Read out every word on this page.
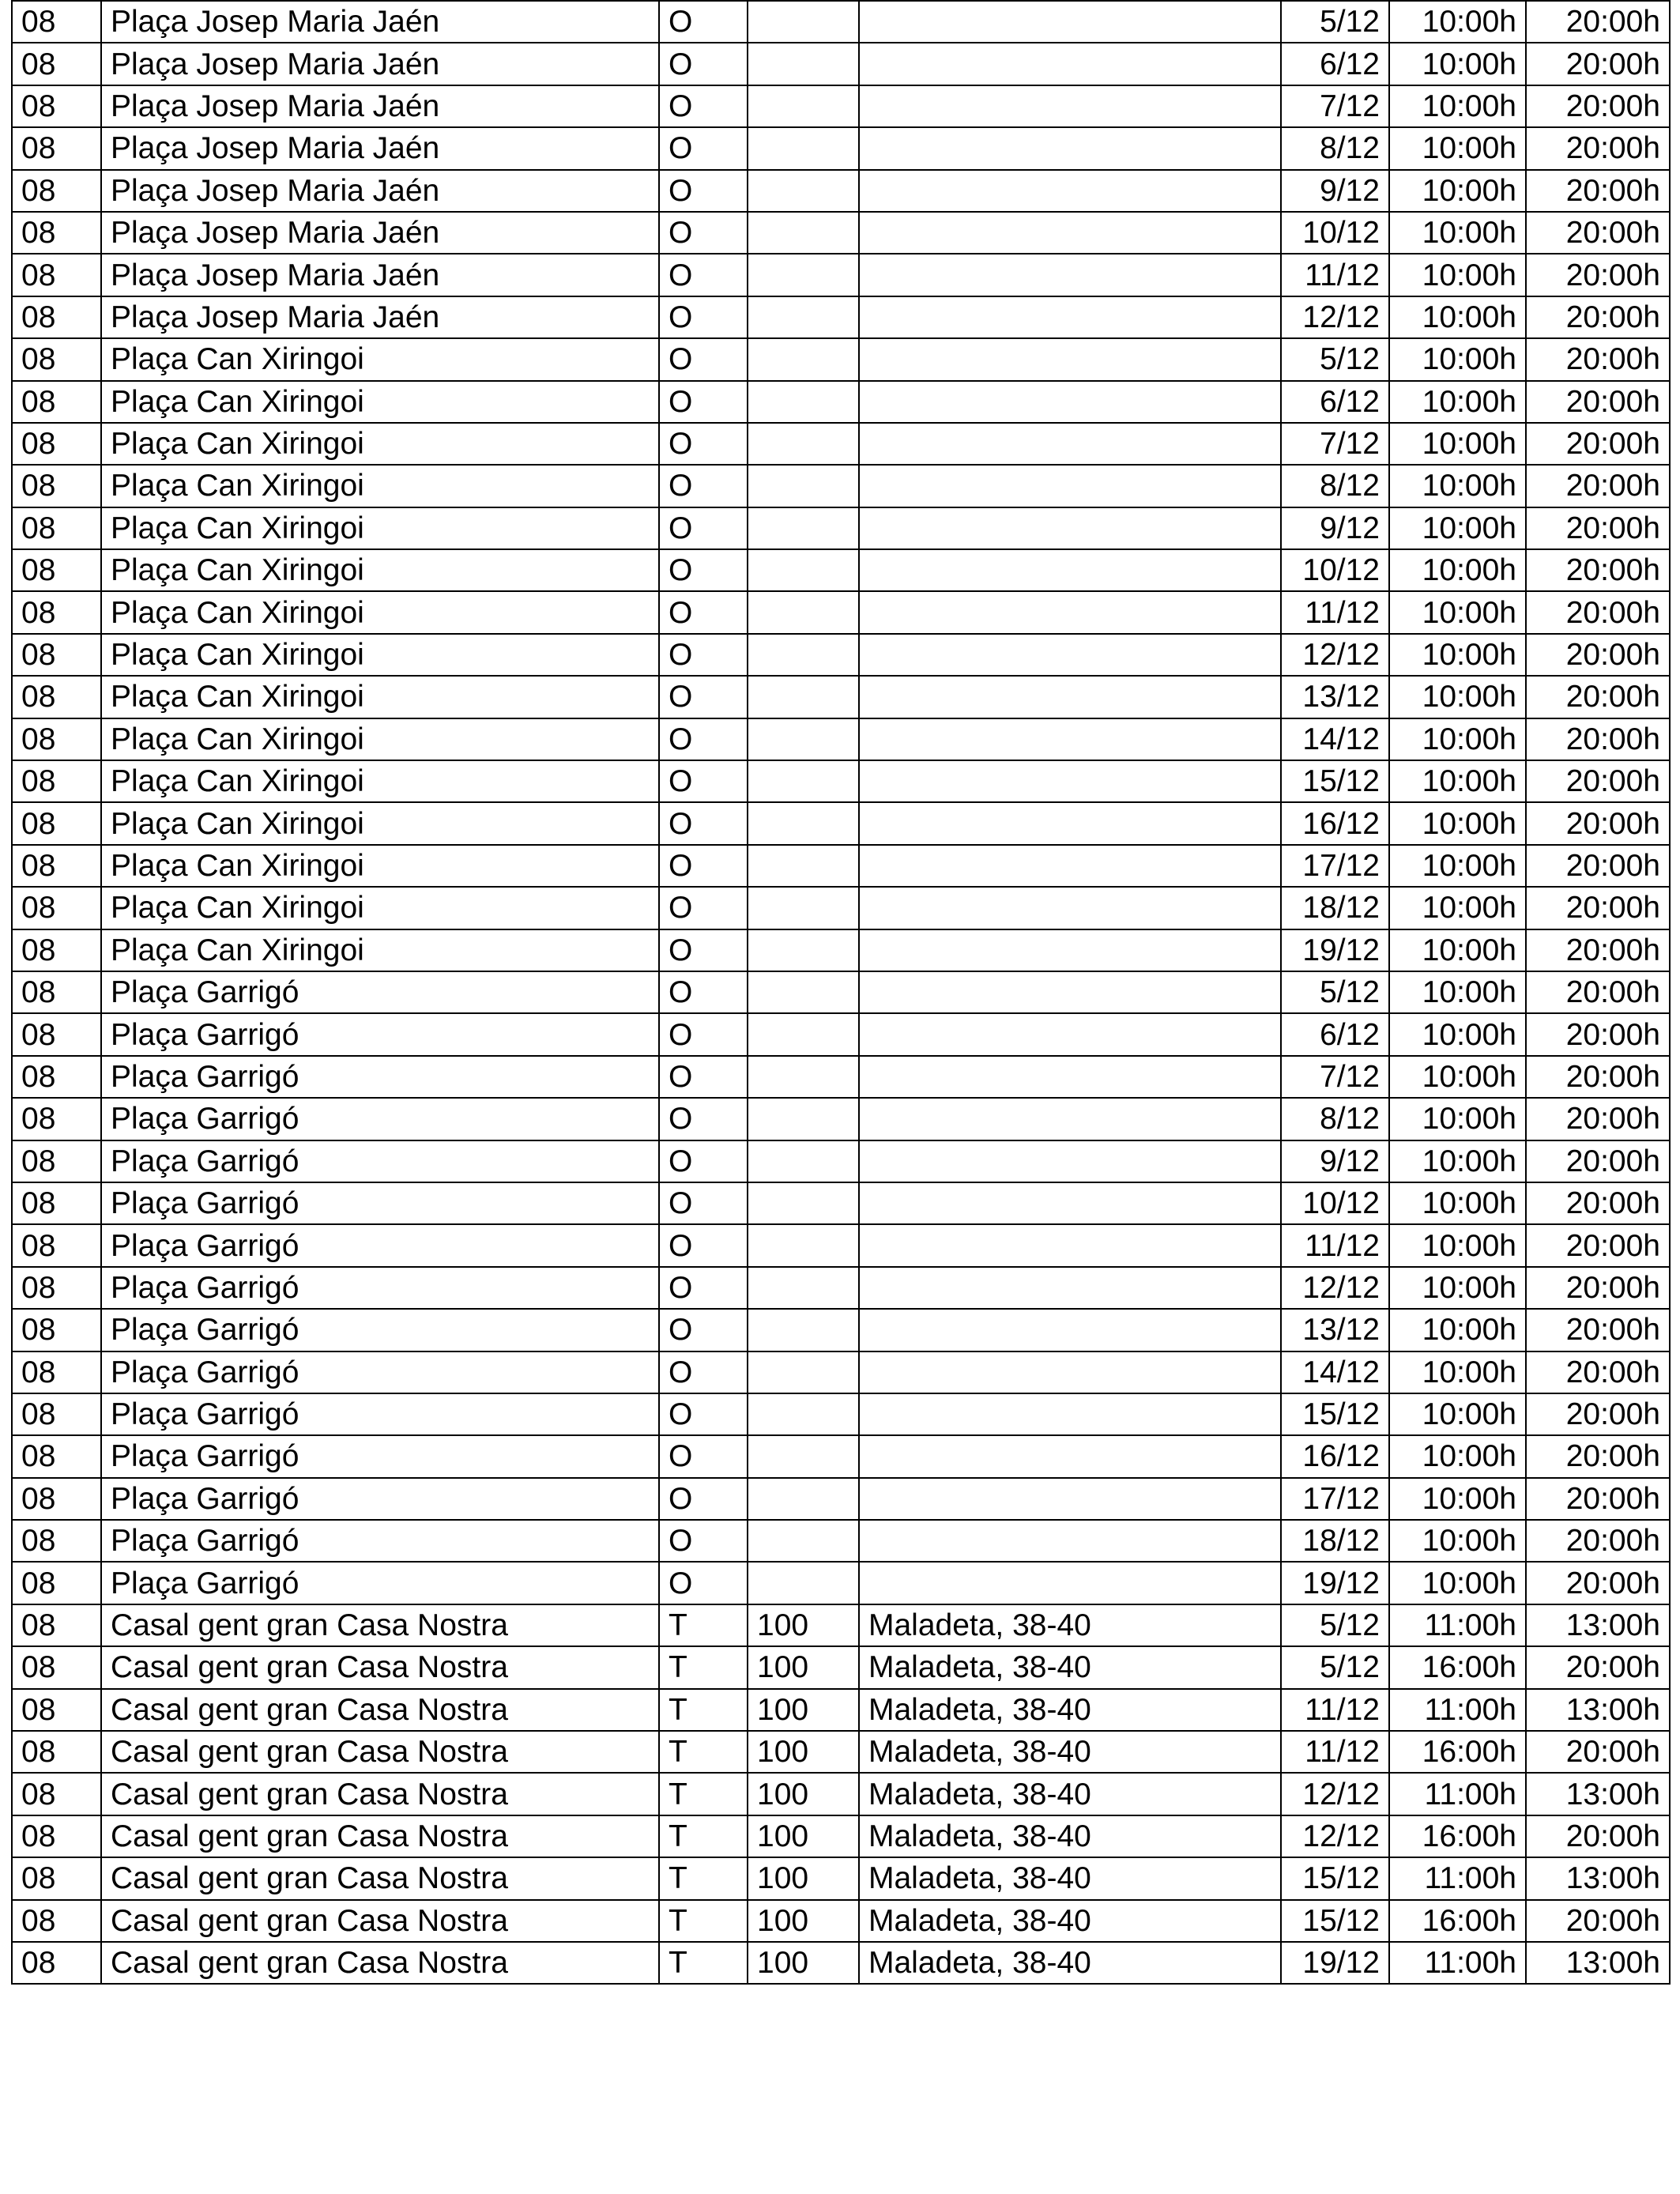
08	Plaça Josep Maria Jaén	O			5/12	10:00h	20:00h
08	Plaça Josep Maria Jaén	O			6/12	10:00h	20:00h
08	Plaça Josep Maria Jaén	O			7/12	10:00h	20:00h
08	Plaça Josep Maria Jaén	O			8/12	10:00h	20:00h
08	Plaça Josep Maria Jaén	O			9/12	10:00h	20:00h
08	Plaça Josep Maria Jaén	O			10/12	10:00h	20:00h
08	Plaça Josep Maria Jaén	O			11/12	10:00h	20:00h
08	Plaça Josep Maria Jaén	O			12/12	10:00h	20:00h
08	Plaça Can Xiringoi	O			5/12	10:00h	20:00h
08	Plaça Can Xiringoi	O			6/12	10:00h	20:00h
08	Plaça Can Xiringoi	O			7/12	10:00h	20:00h
08	Plaça Can Xiringoi	O			8/12	10:00h	20:00h
08	Plaça Can Xiringoi	O			9/12	10:00h	20:00h
08	Plaça Can Xiringoi	O			10/12	10:00h	20:00h
08	Plaça Can Xiringoi	O			11/12	10:00h	20:00h
08	Plaça Can Xiringoi	O			12/12	10:00h	20:00h
08	Plaça Can Xiringoi	O			13/12	10:00h	20:00h
08	Plaça Can Xiringoi	O			14/12	10:00h	20:00h
08	Plaça Can Xiringoi	O			15/12	10:00h	20:00h
08	Plaça Can Xiringoi	O			16/12	10:00h	20:00h
08	Plaça Can Xiringoi	O			17/12	10:00h	20:00h
08	Plaça Can Xiringoi	O			18/12	10:00h	20:00h
08	Plaça Can Xiringoi	O			19/12	10:00h	20:00h
08	Plaça Garrigó	O			5/12	10:00h	20:00h
08	Plaça Garrigó	O			6/12	10:00h	20:00h
08	Plaça Garrigó	O			7/12	10:00h	20:00h
08	Plaça Garrigó	O			8/12	10:00h	20:00h
08	Plaça Garrigó	O			9/12	10:00h	20:00h
08	Plaça Garrigó	O			10/12	10:00h	20:00h
08	Plaça Garrigó	O			11/12	10:00h	20:00h
08	Plaça Garrigó	O			12/12	10:00h	20:00h
08	Plaça Garrigó	O			13/12	10:00h	20:00h
08	Plaça Garrigó	O			14/12	10:00h	20:00h
08	Plaça Garrigó	O			15/12	10:00h	20:00h
08	Plaça Garrigó	O			16/12	10:00h	20:00h
08	Plaça Garrigó	O			17/12	10:00h	20:00h
08	Plaça Garrigó	O			18/12	10:00h	20:00h
08	Plaça Garrigó	O			19/12	10:00h	20:00h
08	Casal gent gran Casa Nostra	T	100	Maladeta, 38-40	5/12	11:00h	13:00h
08	Casal gent gran Casa Nostra	T	100	Maladeta, 38-40	5/12	16:00h	20:00h
08	Casal gent gran Casa Nostra	T	100	Maladeta, 38-40	11/12	11:00h	13:00h
08	Casal gent gran Casa Nostra	T	100	Maladeta, 38-40	11/12	16:00h	20:00h
08	Casal gent gran Casa Nostra	T	100	Maladeta, 38-40	12/12	11:00h	13:00h
08	Casal gent gran Casa Nostra	T	100	Maladeta, 38-40	12/12	16:00h	20:00h
08	Casal gent gran Casa Nostra	T	100	Maladeta, 38-40	15/12	11:00h	13:00h
08	Casal gent gran Casa Nostra	T	100	Maladeta, 38-40	15/12	16:00h	20:00h
08	Casal gent gran Casa Nostra	T	100	Maladeta, 38-40	19/12	11:00h	13:00h
